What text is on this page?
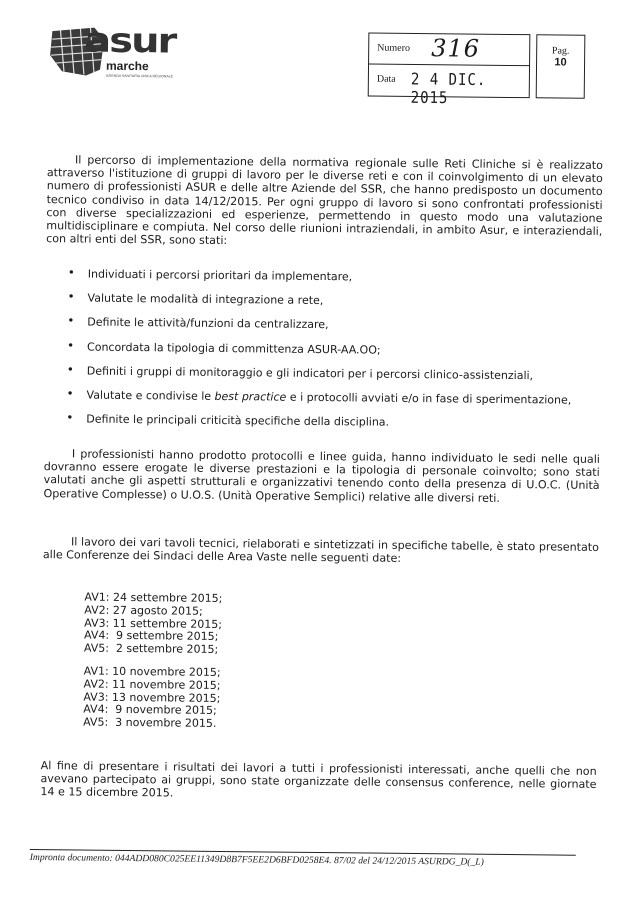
asur
marche
AZIENDA SANITARIA UNICA REGIONALE
Numero 316
Data 2 4 DIC. 2015
Pag.
10

Il percorso di implementazione della normativa regionale sulle Reti Cliniche si è realizzato attraverso l'istituzione di gruppi di lavoro per le diverse reti e con il coinvolgimento di un elevato numero di professionisti ASUR e delle altre Aziende del SSR, che hanno predisposto un documento tecnico condiviso in data 14/12/2015. Per ogni gruppo di lavoro si sono confrontati professionisti con diverse specializzazioni ed esperienze, permettendo in questo modo una valutazione multidisciplinare e compiuta. Nel corso delle riunioni intraziendali, in ambito Asur, e interaziendali, con altri enti del SSR, sono stati:

• Individuati i percorsi prioritari da implementare,
• Valutate le modalità di integrazione a rete,
• Definite le attività/funzioni da centralizzare,
• Concordata la tipologia di committenza ASUR-AA.OO;
• Definiti i gruppi di monitoraggio e gli indicatori per i percorsi clinico-assistenziali,
• Valutate e condivise le best practice e i protocolli avviati e/o in fase di sperimentazione,
• Definite le principali criticità specifiche della disciplina.

I professionisti hanno prodotto protocolli e linee guida, hanno individuato le sedi nelle quali dovranno essere erogate le diverse prestazioni e la tipologia di personale coinvolto; sono stati valutati anche gli aspetti strutturali e organizzativi tenendo conto della presenza di U.O.C. (Unità Operative Complesse) o U.O.S. (Unità Operative Semplici) relative alle diversi reti.

Il lavoro dei vari tavoli tecnici, rielaborati e sintetizzati in specifiche tabelle, è stato presentato alle Conferenze dei Sindaci delle Area Vaste nelle seguenti date:

AV1: 24 settembre 2015;
AV2: 27 agosto 2015;
AV3: 11 settembre 2015;
AV4:  9 settembre 2015;
AV5:  2 settembre 2015;
AV1: 10 novembre 2015;
AV2: 11 novembre 2015;
AV3: 13 novembre 2015;
AV4:  9 novembre 2015;
AV5:  3 novembre 2015.

Al fine di presentare i risultati dei lavori a tutti i professionisti interessati, anche quelli che non avevano partecipato ai gruppi, sono state organizzate delle consensus conference, nelle giornate 14 e 15 dicembre 2015.

Impronta documento: 044ADD080C025EE11349D8B7F5EE2D6BFD0258E4. 87/02 del 24/12/2015 ASURDG_D(_L)
